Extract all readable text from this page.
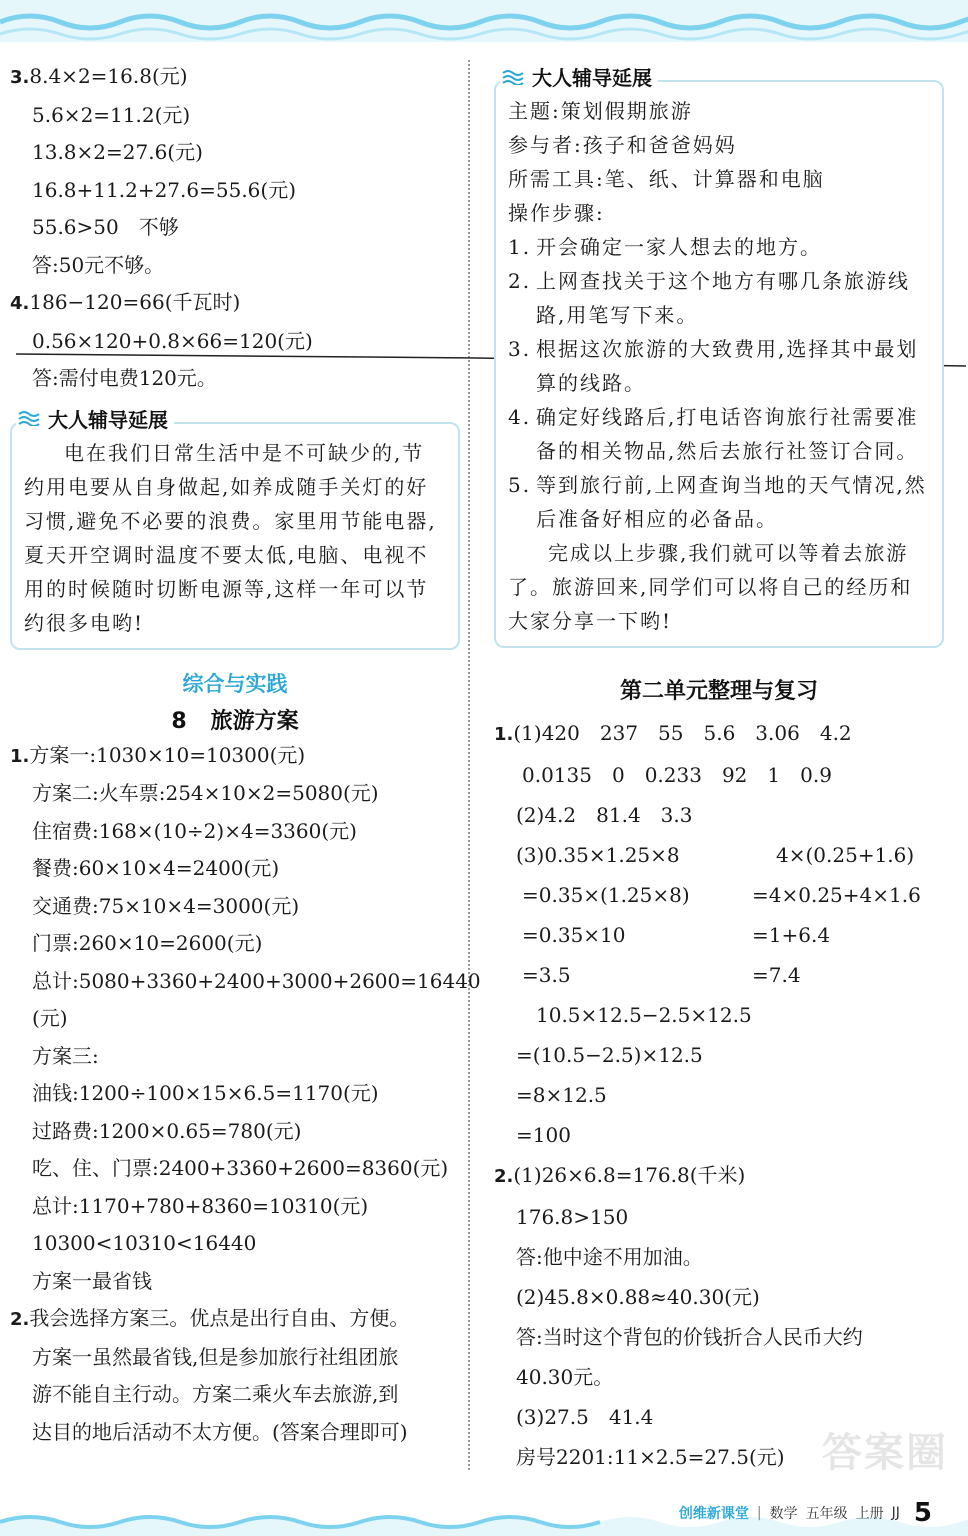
3.8.4×2=16.8(元)
5.6×2=11.2(元)
13.8×2=27.6(元)
16.8+11.2+27.6=55.6(元)
55.6>50　不够
答:50元不够。
4.186−120=66(千瓦时)
0.56×120+0.8×66=120(元)
答:需付电费120元。
大人辅导延展
电在我们日常生活中是不可缺少的,节约用电要从自身做起,如养成随手关灯的好习惯,避免不必要的浪费。家里用节能电器,夏天开空调时温度不要太低,电脑、电视不用的时候随时切断电源等,这样一年可以节约很多电哟!
综合与实践
8 旅游方案
1.方案一:1030×10=10300(元)
方案二:火车票:254×10×2=5080(元)
住宿费:168×(10÷2)×4=3360(元)
餐费:60×10×4=2400(元)
交通费:75×10×4=3000(元)
门票:260×10=2600(元)
总计:5080+3360+2400+3000+2600=16440
(元)
方案三:
油钱:1200÷100×15×6.5=1170(元)
过路费:1200×0.65=780(元)
吃、住、门票:2400+3360+2600=8360(元)
总计:1170+780+8360=10310(元)
10300<10310<16440
方案一最省钱
2.我会选择方案三。优点是出行自由、方便。
方案一虽然最省钱,但是参加旅行社组团旅
游不能自主行动。方案二乘火车去旅游,到
达目的地后活动不太方便。(答案合理即可)
大人辅导延展
主题:策划假期旅游
参与者:孩子和爸爸妈妈
所需工具:笔、纸、计算器和电脑
操作步骤:
1. 开会确定一家人想去的地方。
2. 上网查找关于这个地方有哪几条旅游线路,用笔写下来。
3. 根据这次旅游的大致费用,选择其中最划算的线路。
4. 确定好线路后,打电话咨询旅行社需要准备的相关物品,然后去旅行社签订合同。
5. 等到旅行前,上网查询当地的天气情况,然后准备好相应的必备品。
完成以上步骤,我们就可以等着去旅游了。旅游回来,同学们可以将自己的经历和大家分享一下哟!
第二单元整理与复习
1.(1)420　237　55　5.6　3.06　4.2
0.0135　0　0.233　92　1　0.9
(2)4.2　81.4　3.3
(3)0.35×1.25×8
=0.35×(1.25×8)
=0.35×10
=3.5
4×(0.25+1.6)
=4×0.25+4×1.6
=1+6.4
=7.4
10.5×12.5−2.5×12.5
=(10.5−2.5)×12.5
=8×12.5
=100
2.(1)26×6.8=176.8(千米)
176.8>150
答:他中途不用加油。
(2)45.8×0.88≈40.30(元)
答:当时这个背包的价钱折合人民币大约
40.30元。
(3)27.5　41.4
房号2201:11×2.5=27.5(元) 答案圈
创维新课堂 | 数学 五年级 上册 JJ 5
